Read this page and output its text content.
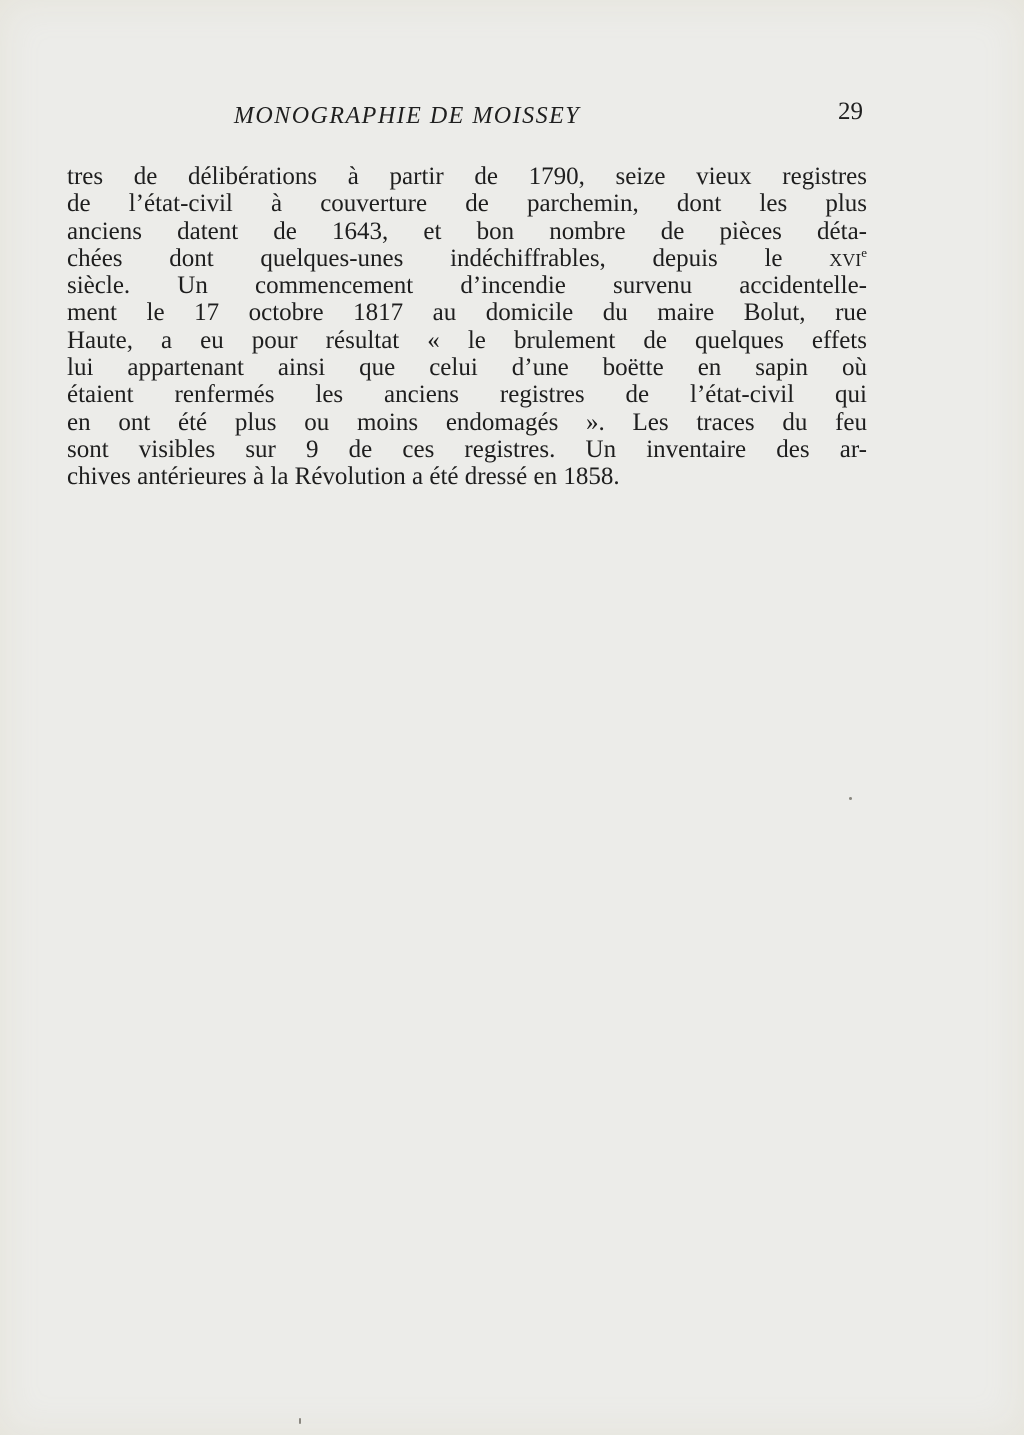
MONOGRAPHIE DE MOISSEY	29
tres de délibérations à partir de 1790, seize vieux registres
de l’état-civil à couverture de parchemin, dont les plus
anciens datent de 1643, et bon nombre de pièces déta-
chées dont quelques-unes indéchiffrables, depuis le xvi$^e$
siècle. Un commencement d’incendie survenu accidentelle-
ment le 17 octobre 1817 au domicile du maire Bolut, rue
Haute, a eu pour résultat « le brulement de quelques effets
lui appartenant ainsi que celui d’une boëtte en sapin où
étaient renfermés les anciens registres de l’état-civil qui
en ont été plus ou moins endomagés ». Les traces du feu
sont visibles sur 9 de ces registres. Un inventaire des ar-
chives antérieures à la Révolution a été dressé en 1858.
